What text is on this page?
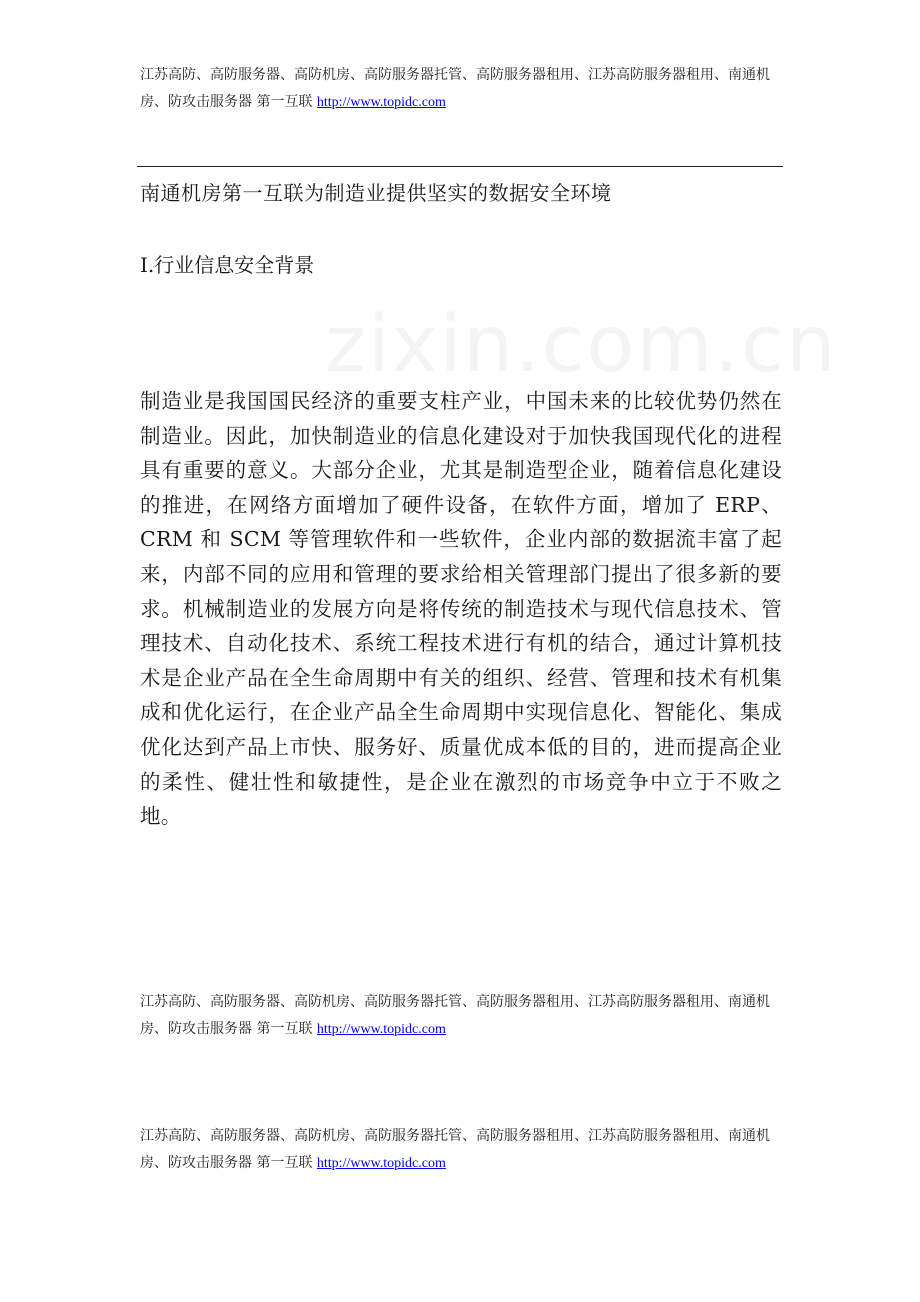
江苏高防、高防服务器、高防机房、高防服务器托管、高防服务器租用、江苏高防服务器租用、南通机房、防攻击服务器 第一互联 http://www.topidc.com
南通机房第一互联为制造业提供坚实的数据安全环境
I.行业信息安全背景

制造业是我国国民经济的重要支柱产业，中国未来的比较优势仍然在制造业。因此，加快制造业的信息化建设对于加快我国现代化的进程具有重要的意义。大部分企业，尤其是制造型企业，随着信息化建设的推进，在网络方面增加了硬件设备，在软件方面，增加了 ERP、CRM 和 SCM 等管理软件和一些软件，企业内部的数据流丰富了起来，内部不同的应用和管理的要求给相关管理部门提出了很多新的要求。机械制造业的发展方向是将传统的制造技术与现代信息技术、管理技术、自动化技术、系统工程技术进行有机的结合，通过计算机技术是企业产品在全生命周期中有关的组织、经营、管理和技术有机集成和优化运行，在企业产品全生命周期中实现信息化、智能化、集成优化达到产品上市快、服务好、质量优成本低的目的，进而提高企业的柔性、健壮性和敏捷性，是企业在激烈的市场竞争中立于不败之地。

江苏高防、高防服务器、高防机房、高防服务器托管、高防服务器租用、江苏高防服务器租用、南通机房、防攻击服务器 第一互联 http://www.topidc.com
江苏高防、高防服务器、高防机房、高防服务器托管、高防服务器租用、江苏高防服务器租用、南通机房、防攻击服务器 第一互联 http://www.topidc.com
